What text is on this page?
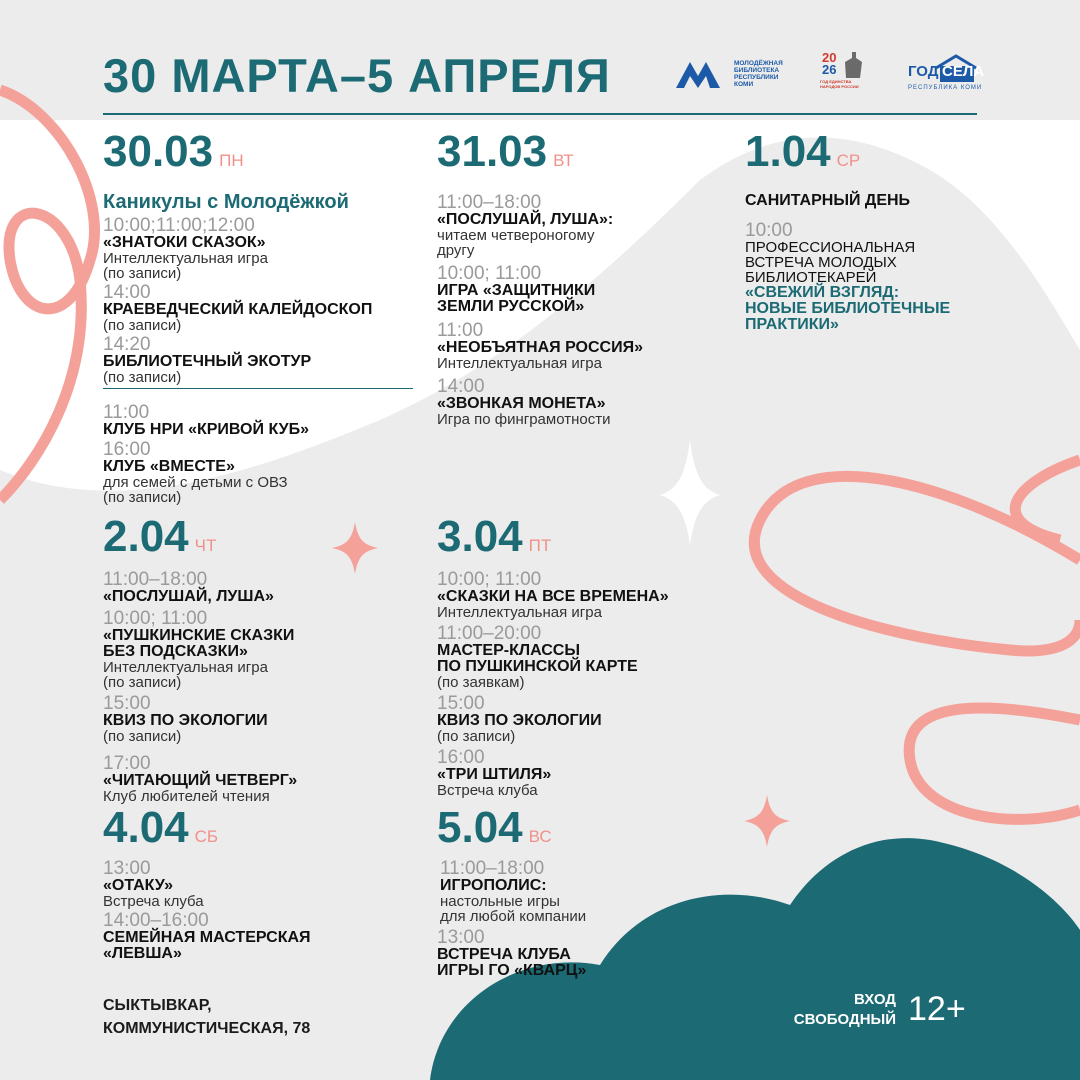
30 МАРТА–5 АПРЕЛЯ	МОЛОДЁЖНАЯ
БИБЛИОТЕКА
РЕСПУБЛИКИ
КОМИ
20
26
ГОД ЕДИНСТВА НАРОДОВ РОССИИ
ГОД СЕЛА
РЕСПУБЛИКА КОМИ
30.03 ПН
Каникулы с Молодёжкой
10:00;11:00;12:00
«ЗНАТОКИ СКАЗОК»
Интеллектуальная игра
(по записи)
14:00
КРАЕВЕДЧЕСКИЙ КАЛЕЙДОСКОП
(по записи)
14:20
БИБЛИОТЕЧНЫЙ ЭКОТУР
(по записи)
11:00
КЛУБ НРИ «КРИВОЙ КУБ»
16:00
КЛУБ «ВМЕСТЕ»
для семей с детьми с ОВЗ
(по записи)
31.03 ВТ
11:00–18:00
«ПОСЛУШАЙ, ЛУША»:
читаем четвероногому
другу
10:00; 11:00
ИГРА «ЗАЩИТНИКИ
ЗЕМЛИ РУССКОЙ»
11:00
«НЕОБЪЯТНАЯ РОССИЯ»
Интеллектуальная игра
14:00
«ЗВОНКАЯ МОНЕТА»
Игра по финграмотности
1.04 СР
САНИТАРНЫЙ ДЕНЬ
10:00
ПРОФЕССИОНАЛЬНАЯ
ВСТРЕЧА МОЛОДЫХ
БИБЛИОТЕКАРЕЙ
«СВЕЖИЙ ВЗГЛЯД:
НОВЫЕ БИБЛИОТЕЧНЫЕ
ПРАКТИКИ»
2.04 ЧТ
11:00–18:00
«ПОСЛУШАЙ, ЛУША»
10:00; 11:00
«ПУШКИНСКИЕ СКАЗКИ
БЕЗ ПОДСКАЗКИ»
Интеллектуальная игра
(по записи)
15:00
КВИЗ ПО ЭКОЛОГИИ
(по записи)
17:00
«ЧИТАЮЩИЙ ЧЕТВЕРГ»
Клуб любителей чтения
3.04 ПТ
10:00; 11:00
«СКАЗКИ НА ВСЕ ВРЕМЕНА»
Интеллектуальная игра
11:00–20:00
МАСТЕР-КЛАССЫ
ПО ПУШКИНСКОЙ КАРТЕ
(по заявкам)
15:00
КВИЗ ПО ЭКОЛОГИИ
(по записи)
16:00
«ТРИ ШТИЛЯ»
Встреча клуба
4.04 СБ
13:00
«ОТАКУ»
Встреча клуба
14:00–16:00
СЕМЕЙНАЯ МАСТЕРСКАЯ
«ЛЕВША»
5.04 ВС
11:00–18:00
ИГРОПОЛИС:
настольные игры
для любой компании
13:00
ВСТРЕЧА КЛУБА
ИГРЫ ГО «КВАРЦ»
СЫКТЫВКАР,
КОММУНИСТИЧЕСКАЯ, 78
ВХОД
СВОБОДНЫЙ 12+
